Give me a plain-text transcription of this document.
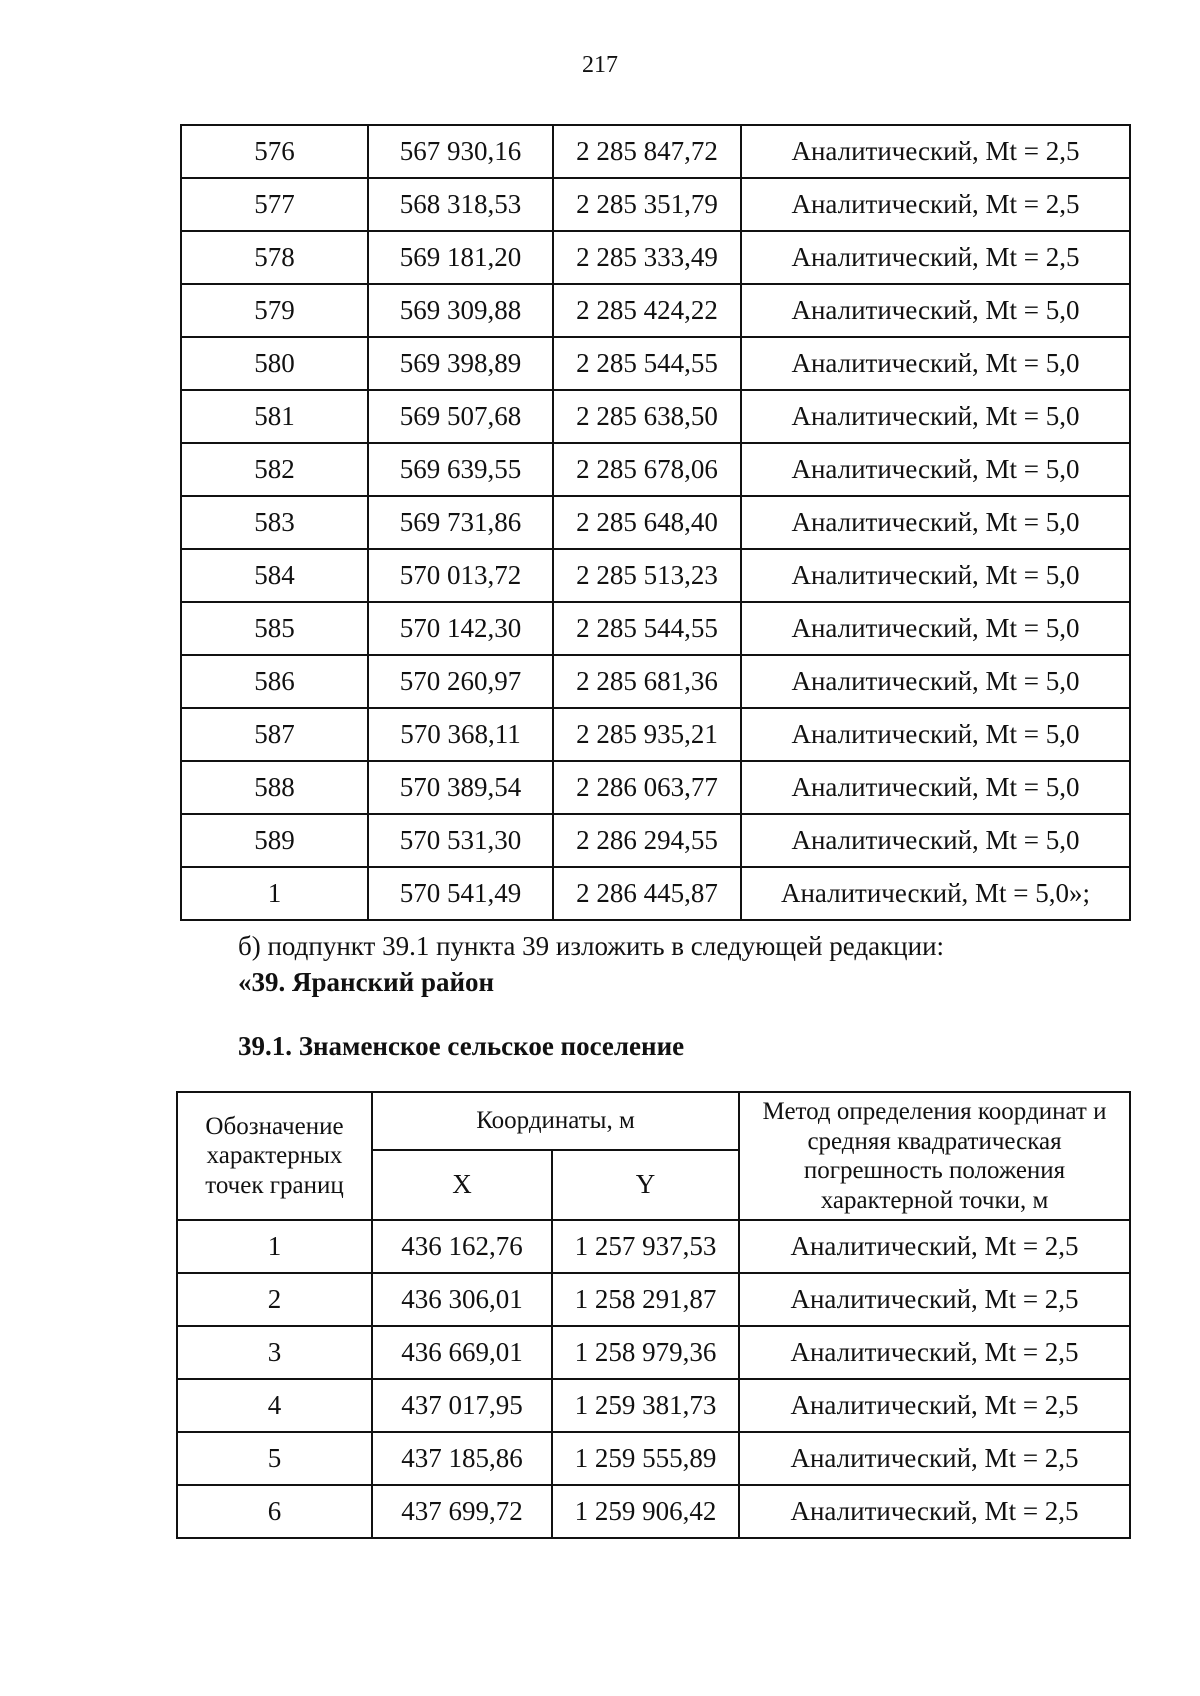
217
576	567 930,16	2 285 847,72	Аналитический, Mt = 2,5
577	568 318,53	2 285 351,79	Аналитический, Mt = 2,5
578	569 181,20	2 285 333,49	Аналитический, Mt = 2,5
579	569 309,88	2 285 424,22	Аналитический, Mt = 5,0
580	569 398,89	2 285 544,55	Аналитический, Mt = 5,0
581	569 507,68	2 285 638,50	Аналитический, Mt = 5,0
582	569 639,55	2 285 678,06	Аналитический, Mt = 5,0
583	569 731,86	2 285 648,40	Аналитический, Mt = 5,0
584	570 013,72	2 285 513,23	Аналитический, Mt = 5,0
585	570 142,30	2 285 544,55	Аналитический, Mt = 5,0
586	570 260,97	2 285 681,36	Аналитический, Mt = 5,0
587	570 368,11	2 285 935,21	Аналитический, Mt = 5,0
588	570 389,54	2 286 063,77	Аналитический, Mt = 5,0
589	570 531,30	2 286 294,55	Аналитический, Mt = 5,0
1	570 541,49	2 286 445,87	Аналитический, Mt = 5,0»;
б) подпункт 39.1 пункта 39 изложить в следующей редакции:
«39. Яранский район
39.1. Знаменское сельское поселение
Обозначение характерных точек границ	Координаты, м		Метод определения координат и средняя квадратическая погрешность положения характерной точки, м
	X	Y	
1	436 162,76	1 257 937,53	Аналитический, Mt = 2,5
2	436 306,01	1 258 291,87	Аналитический, Mt = 2,5
3	436 669,01	1 258 979,36	Аналитический, Mt = 2,5
4	437 017,95	1 259 381,73	Аналитический, Mt = 2,5
5	437 185,86	1 259 555,89	Аналитический, Mt = 2,5
6	437 699,72	1 259 906,42	Аналитический, Mt = 2,5
